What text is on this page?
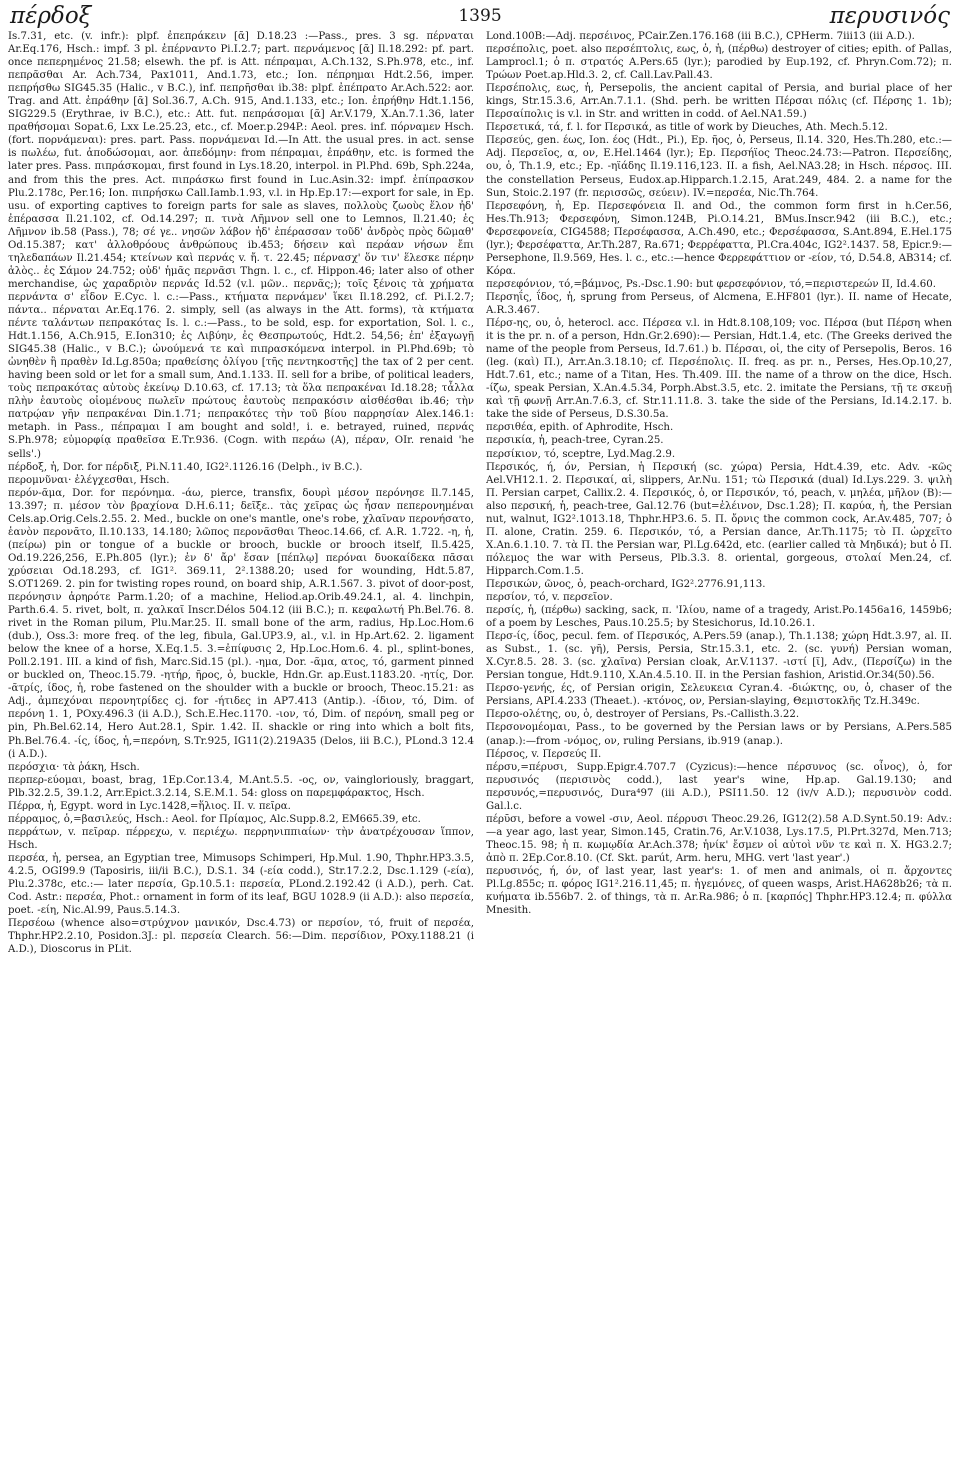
πέρδοξ	1395	περυσινός

Is.7.31, etc. (v. infr.): plpf. ἐπεπράκειν [ᾶ] D.18.23 :—Pass., pres. 3 sg. πέρναται Ar.Eq.176, Hsch.: impf. 3 pl. ἐπέρναντο Pi.I.2.7; part. περνάμενος [ᾶ] Il.18.292: pf. part. once πεπερημένος 21.58; elsewh. the pf. is Att. πέπραμαι, A.Ch.132, S.Ph.978, etc., inf. πεπρᾶσθαι Ar. Ach.734, Pax1011, And.1.73, etc.; Ion. πέπρημαι Hdt.2.56, imper. πεπρήσθω SIG45.35 (Halic., v B.C.), inf. πεπρῆσθαι ib.38: plpf. ἐπέπρατο Ar.Ach.522: aor. Trag. and Att. ἐπράθην [ᾶ] Sol.36.7, A.Ch. 915, And.1.133, etc.; Ion. ἐπρήθην Hdt.1.156, SIG229.5 (Erythrae, iv B.C.), etc.: Att. fut. πεπράσομαι [ᾶ] Ar.V.179, X.An.7.1.36, later πραθήσομαι Sopat.6, Lxx Le.25.23, etc., cf. Moer.p.294P.: Aeol. pres. inf. πόρναμεν Hsch. (fort. πορνάμεναι): pres. part. Pass. πορνάμεναι Id.—In Att. the usual pres. in act. sense is πωλέω, fut. ἀποδώσομαι, aor. ἀπεδόμην: from πέπραμαι, ἐπράθην, etc. is formed the later pres. Pass. πιπράσκομαι, first found in Lys.18.20, interpol. in Pl.Phd. 69b, Sph.224a, and from this the pres. Act. πιπράσκω first found in Luc.Asin.32: impf. ἐπίπρασκον Plu.2.178c, Per.16; Ion. πιπρήσκω Call.Iamb.1.93, v.l. in Hp.Ep.17:—export for sale, in Ep. usu. of exporting captives to foreign parts for sale as slaves, πολλοὺς ζωοὺς ἕλον ἠδ' ἐπέρασσα Il.21.102, cf. Od.14.297; π. τινὰ Λῆμνον sell one to Lemnos, Il.21.40; ἐς Λῆμνον ib.58 (Pass.), 78; σέ γε.. νησῶν λάβον ἠδ' ἐπέρασσαν τοῦδ' ἀνδρὸς πρὸς δῶμαθ' Od.15.387; κατ' ἀλλοθρόους ἀνθρώπους ib.453; δήσειν καὶ περάαν νήσων ἔπι τηλεδαπάων Il.21.454; κτείνων καὶ περνάς v. ἤ. τ. 22.45; πέρνασχ' ὅν τιν' ἕλεσκε πέρην ἁλὸς.. ἐς Σάμον 24.752; οὐδ' ἡμᾶς περνᾶσι Thgn. l. c., cf. Hippon.46; later also of other merchandise, ὡς χαραδριὸν περνάς Id.52 (v.l. μῶν.. περνᾶς;); τοῖς ξένοις τὰ χρήματα περνάντα σ' εἶδον E.Cyc. l. c.:—Pass., κτήματα περνάμεν' ἵκει Il.18.292, cf. Pi.I.2.7; πάντα.. πέρναται Ar.Eq.176. 2. simply, sell (as always in the Att. forms), τὰ κτήματα πέντε ταλάντων πεπρακότας Is. l. c.:—Pass., to be sold, esp. for exportation, Sol. l. c., Hdt.1.156, A.Ch.915, E.Ion310; ἐς Λιβύην, ἐς Θεσπρωτούς, Hdt.2. 54,56; ἐπ' ἐξαγωγῇ SIG45.38 (Halic., v B.C.); ὠνούμενά τε καὶ πιπρασκόμενα interpol. in Pl.Phd.69b; τὸ ὠνηθὲν ἢ πραθὲν Id.Lg.850a; πραθείσης ὀλίγου [τῆς πεντηκοστῆς] the tax of 2 per cent. having been sold or let for a small sum, And.1.133. II. sell for a bribe, of political leaders, τοὺς πεπρακότας αὑτοὺς ἐκείνῳ D.10.63, cf. 17.13; τὰ ὅλα πεπρακέναι Id.18.28; τἆλλα πλὴν ἑαυτοὺς οἰομένους πωλεῖν πρώτους ἑαυτοὺς πεπρακόσιν αἰσθέσθαι ib.46; τὴν πατρῴαν γῆν πεπρακέναι Din.1.71; πεπρακότες τὴν τοῦ βίου παρρησίαν Alex.146.1: metaph. in Pass., πέπραμαι I am bought and sold!, i. e. betrayed, ruined, περνάς S.Ph.978; εὐμορφίᾳ πραθεῖσα E.Tr.936. (Cogn. with περάω (A), πέραν, OIr. renaid 'he sells'.)

πέρδοξ, ἡ, Dor. for πέρδιξ, Pi.N.11.40, IG2².1126.16 (Delph., iv B.C.).

περομνῦναι· ἐλέγχεσθαι, Hsch.

περόν-ᾶμα, Dor. for περόνημα. -άω, pierce, transfix, δουρὶ μέσον περόνησε Il.7.145, 13.397; π. μέσον τὸν βραχίονα D.H.6.11; δεῖξε.. τὰς χεῖρας ὡς ἦσαν πεπερονημέναι Cels.ap.Orig.Cels.2.55. 2. Med., buckle on one's mantle, one's robe, χλαῖναν περονήσατο, ἑανὸν περονᾶτο, Il.10.133, 14.180; λῶπος περονᾶσθαι Theoc.14.66, cf. A.R. 1.722. -η, ἡ, (πείρω) pin or tongue of a buckle or brooch, buckle or brooch itself, Il.5.425, Od.19.226,256, E.Ph.805 (lyr.); ἐν δ' ἄρ' ἔσαν [πέπλῳ] περόναι δυοκαίδεκα πᾶσαι χρύσειαι Od.18.293, cf. IG1². 369.11, 2².1388.20; used for wounding, Hdt.5.87, S.OT1269. 2. pin for twisting ropes round, on board ship, A.R.1.567. 3. pivot of door-post, περόνησιν ἀρηρότε Parm.1.20; of a machine, Heliod.ap.Orib.49.24.1, al. 4. linchpin, Parth.6.4. 5. rivet, bolt, π. χαλκαῖ Inscr.Délos 504.12 (iii B.C.); π. κεφαλωτή Ph.Bel.76. 8. rivet in the Roman pilum, Plu.Mar.25. II. small bone of the arm, radius, Hp.Loc.Hom.6 (dub.), Oss.3: more freq. of the leg, fibula, Gal.UP3.9, al., v.l. in Hp.Art.62. 2. ligament below the knee of a horse, X.Eq.1.5. 3.=ἐπίφυσις 2, Hp.Loc.Hom.6. 4. pl., splint-bones, Poll.2.191. III. a kind of fish, Marc.Sid.15 (pl.). -ημα, Dor. -ᾶμα, ατος, τό, garment pinned or buckled on, Theoc.15.79. -ητήρ, ῆρος, ὁ, buckle, Hdn.Gr. ap.Eust.1183.20. -ητίς, Dor. -ᾶτρίς, ίδος, ἡ, robe fastened on the shoulder with a buckle or brooch, Theoc.15.21: as Adj., ἀμπεχόναι περονητρίδες cj. for -ήτιδες in AP7.413 (Antip.). -ίδιον, τό, Dim. of περόνη 1. 1, POxy.496.3 (ii A.D.), Sch.E.Hec.1170. -ιον, τό, Dim. of περόνη, small peg or pin, Ph.Bel.62.14, Hero Aut.28.1, Spir. 1.42. II. shackle or ring into which a bolt fits, Ph.Bel.76.4. -ίς, ίδος, ἡ,=περόνη, S.Tr.925, IG11(2).219A35 (Delos, iii B.C.), PLond.3 12.4 (i A.D.).

περόσχια· τὰ ῥάκη, Hsch.

περπερ-εύομαι, boast, brag, 1Ep.Cor.13.4, M.Ant.5.5. -ος, ον, vaingloriously, braggart, Plb.32.2.5, 39.1.2, Arr.Epict.3.2.14, S.E.M.1. 54: gloss on παρεμφάρακτος, Hsch.

Πέρρα, ἡ, Egypt. word in Lyc.1428,=ἥλιος. II. v. πεῖρα.

πέρραμος, ὁ,=βασιλεύς, Hsch.: Aeol. for Πρίαμος, Alc.Supp.8.2, EM665.39, etc.

περράτων, v. πεῖραρ. πέρρεχω, v. περιέχω. περρηνιππιαίων· τὴν ἀνατρέχουσαν ἵππον, Hsch.

περσέα, ἡ, persea, an Egyptian tree, Mimusops Schimperi, Hp.Mul. 1.90, Thphr.HP3.3.5, 4.2.5, OGI99.9 (Taposiris, iii/ii B.C.), D.S.1. 34 (-εία codd.), Str.17.2.2, Dsc.1.129 (-εία), Plu.2.378c, etc.:— later περσία, Gp.10.5.1: περσεία, PLond.2.192.42 (i A.D.), perh. Cat. Cod. Astr.: περσέα, Phot.: ornament in form of its leaf, BGU 1028.9 (ii A.D.): also περσεία, poet. -είη, Nic.Al.99, Paus.5.14.3.

Περσέοω (whence also=στρύχνον μανικόν, Dsc.4.73) or περσίον, τό, fruit of περσέα, Thphr.HP2.2.10, Posidon.3J.: pl. περσεία Clearch. 56:—Dim. περσίδιον, POxy.1188.21 (i A.D.), Dioscorus in PLit.

Lond.100B:—Adj. περσέινος, PCair.Zen.176.168 (iii B.C.), CPHerm. 7iii13 (iii A.D.).

περσέπολις, poet. also περσέπτολις, εως, ὁ, ἡ, (πέρθω) destroyer of cities; epith. of Pallas, Lamprocl.1; ὁ π. στρατός A.Pers.65 (lyr.); parodied by Eup.192, cf. Phryn.Com.72); π. Τρώων Poet.ap.Hld.3. 2, cf. Call.Lav.Pall.43.

Περσέπολις, εως, ἡ, Persepolis, the ancient capital of Persia, and burial place of her kings, Str.15.3.6, Arr.An.7.1.1. (Shd. perh. be written Πέρσαι πόλις (cf. Πέρσης 1. 1b); Περσαίπολις is v.l. in Str. and written in codd. of Ael.NA1.59.)

Περσετικά, τά, f. l. for Περσικά, as title of work by Dieuches, Ath. Mech.5.12.

Περσεύς, gen. έως, Ion. έος (Hdt., Pi.), Ep. ῆος, ὁ, Perseus, Il.14. 320, Hes.Th.280, etc.:—Adj. Περσεῖος, α, ον, E.Hel.1464 (lyr.); Ep. Περσήϊος Theoc.24.73:—Patron. Περσείδης, ου, ὁ, Th.1.9, etc.; Ep. -ηϊάδης Il.19.116,123. II. a fish, Ael.NA3.28; in Hsch. πέρσος. III. the constellation Perseus, Eudox.ap.Hipparch.1.2.15, Arat.249, 484. 2. a name for the Sun, Stoic.2.197 (fr. περισσῶς, σεύειν). IV.=περσέα, Nic.Th.764.

Περσεφόνη, ἡ, Ep. Περσεφόνεια Il. and Od., the common form first in h.Cer.56, Hes.Th.913; Φερσεφόνη, Simon.124B, Pi.O.14.21, BMus.Inscr.942 (iii B.C.), etc.; Φερσεφονεία, CIG4588; Περσέφασσα, A.Ch.490, etc.; Φερσέφασσα, S.Ant.894, E.Hel.175 (lyr.); Φερσέφαττα, Ar.Th.287, Ra.671; Φερρέφαττα, Pl.Cra.404c, IG2².1437. 58, Epicr.9:—Persephone, Il.9.569, Hes. l. c., etc.:—hence Φερρεφάττιον or -είον, τό, D.54.8, AB314; cf. Κόρα.

περσεφόνιον, τό,=βάμνος, Ps.-Dsc.1.90: but φερσεφόνιον, τό,=περιστερεών II, Id.4.60.

Περσηΐς, ΐδος, ἡ, sprung from Perseus, of Alcmena, E.HF801 (lyr.). II. name of Hecate, A.R.3.467.

Πέρσ-ης, ου, ὁ, heterocl. acc. Πέρσεα v.l. in Hdt.8.108,109; voc. Πέρσα (but Πέρση when it is the pr. n. of a person, Hdn.Gr.2.690):— Persian, Hdt.1.4, etc. (The Greeks derived the name of the people from Perseus, Id.7.61.) b. Πέρσαι, οἱ, the city of Persepolis, Beros. 16 (leg. (καὶ) Π.), Arr.An.3.18.10; cf. Περσέπολις. II. freq. as pr. n., Perses, Hes.Op.10,27, Hdt.7.61, etc.; name of a Titan, Hes. Th.409. III. the name of a throw on the dice, Hsch. -ίζω, speak Persian, X.An.4.5.34, Porph.Abst.3.5, etc. 2. imitate the Persians, τῇ τε σκευῇ καὶ τῇ φωνῇ Arr.An.7.6.3, cf. Str.11.11.8. 3. take the side of the Persians, Id.14.2.17. b. take the side of Perseus, D.S.30.5a.

περσιθέα, epith. of Aphrodite, Hsch.

περσικία, ἡ, peach-tree, Cyran.25.

περσίκιον, τό, sceptre, Lyd.Mag.2.9.

Περσικός, ή, όν, Persian, ἡ Περσική (sc. χώρα) Persia, Hdt.4.39, etc. Adv. -κῶς Ael.VH12.1. 2. Περσικαί, αἱ, slippers, Ar.Nu. 151; τὼ Περσικά (dual) Id.Lys.229. 3. ψιλὴ Π. Persian carpet, Callix.2. 4. Περσικός, ὁ, or Περσικόν, τό, peach, v. μηλέα, μῆλον (B):—also περσική, ἡ, peach-tree, Gal.12.76 (but=ἐλέινον, Dsc.1.28); Π. καρύα, ἡ, the Persian nut, walnut, IG2².1013.18, Thphr.HP3.6. 5. Π. ὄρνις the common cock, Ar.Av.485, 707; ὁ Π. alone, Cratin. 259. 6. Περσικόν, τό, a Persian dance, Ar.Th.1175; τὸ Π. ὠρχεῖτο X.An.6.1.10. 7. τὰ Π. the Persian war, Pl.Lg.642d, etc. (earlier called τὰ Μηδικά); but ὁ Π. πόλεμος the war with Perseus, Plb.3.3. 8. oriental, gorgeous, στολαί Men.24, cf. Hipparch.Com.1.5.

Περσικών, ῶνος, ὁ, peach-orchard, IG2².2776.91,113.

περσίον, τό, v. περσεῖον.

περσίς, ἡ, (πέρθω) sacking, sack, π. 'Ιλίου, name of a tragedy, Arist.Po.1456a16, 1459b6; of a poem by Lesches, Paus.10.25.5; by Stesichorus, Id.10.26.1.

Περσ-ίς, ίδος, pecul. fem. of Περσικός, A.Pers.59 (anap.), Th.1.138; χώρη Hdt.3.97, al. II. as Subst., 1. (sc. γῆ), Persis, Persia, Str.15.3.1, etc. 2. (sc. γυνή) Persian woman, X.Cyr.8.5. 28. 3. (sc. χλαῖνα) Persian cloak, Ar.V.1137. -ιστί [ῖ], Adv., (Περσίζω) in the Persian tongue, Hdt.9.110, X.An.4.5.10. II. in the Persian fashion, Aristid.Or.34(50).56.

Περσο-γενής, ές, of Persian origin, Σελευκεια Cyran.4. -διώκτης, ου, ὁ, chaser of the Persians, API.4.233 (Theaet.). -κτόνος, ον, Persian-slaying, Θεμιστοκλῆς Tz.H.349c.

Περσο-ολέτης, ου, ὁ, destroyer of Persians, Ps.-Callisth.3.22.

Περσονομέομαι, Pass., to be governed by the Persian laws or by Persians, A.Pers.585 (anap.):—from -νόμος, ον, ruling Persians, ib.919 (anap.).

Πέρσος, v. Περσεύς II.

πέρσυ,=πέρυσι, Supp.Epigr.4.707.7 (Cyzicus):—hence πέρσυνος (sc. οἶνος), ὁ, for περυσινός (περισινὸς codd.), last year's wine, Hp.ap. Gal.19.130; and περσυνός,=περυσινός, Dura⁴97 (iii A.D.), PSI11.50. 12 (iv/v A.D.); περυσινὸν codd. Gal.l.c.

πέρῡσι, before a vowel -σιν, Aeol. πέρρυσι Theoc.29.26, IG12(2).58 A.D.Synt.50.19: Adv.:—a year ago, last year, Simon.145, Cratin.76, Ar.V.1038, Lys.17.5, Pl.Prt.327d, Men.713; Theoc.15. 98; ἡ π. κωμῳδία Ar.Ach.378; ἡνίκ' ἔσμεν οἱ αὐτοὶ νῦν τε καὶ π. X. HG3.2.7; ἀπὸ π. 2Ep.Cor.8.10. (Cf. Skt. parút, Arm. heru, MHG. vert 'last year'.)

περυσινός, ή, όν, of last year, last year's: 1. of men and animals, οἱ π. ἄρχοντες Pl.Lg.855c; π. φόρος IG1².216.11,45; π. ἡγεμόνες, of queen wasps, Arist.HA628b26; τὰ π. κυήματα ib.556b7. 2. of things, τὰ π. Ar.Ra.986; ὁ π. [καρπός] Thphr.HP3.12.4; π. φύλλα Mnesith.
